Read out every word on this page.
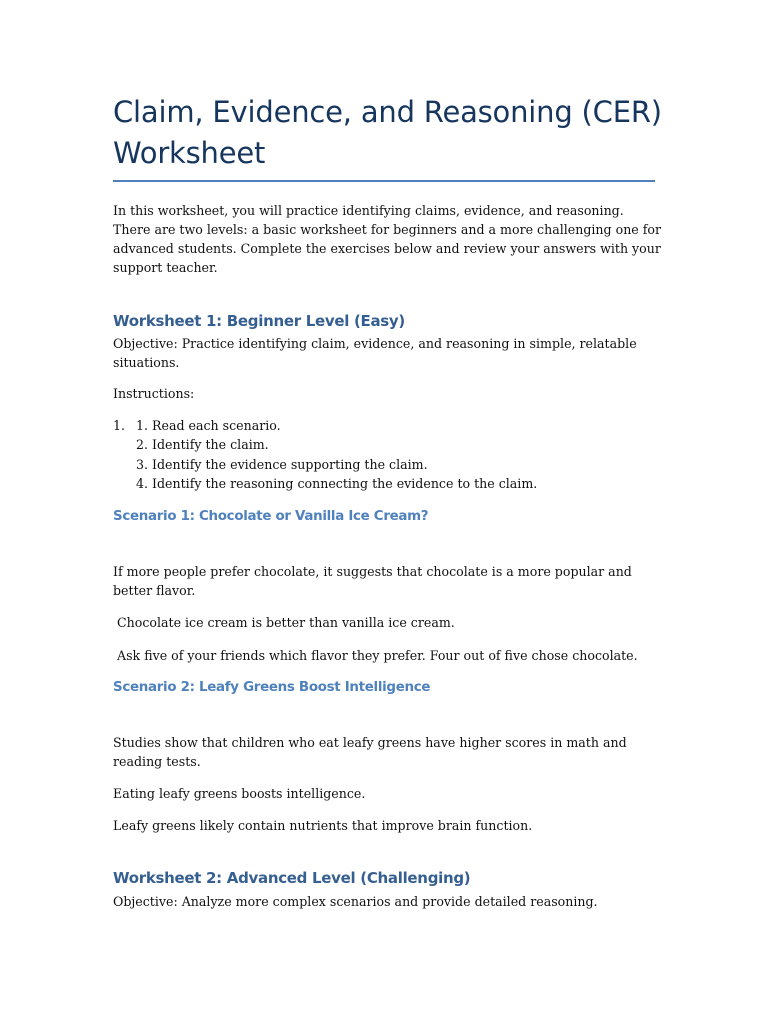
Claim, Evidence, and Reasoning (CER) Worksheet

In this worksheet, you will practice identifying claims, evidence, and reasoning. There are two levels: a basic worksheet for beginners and a more challenging one for advanced students. Complete the exercises below and review your answers with your support teacher.

Worksheet 1: Beginner Level (Easy)

Objective: Practice identifying claim, evidence, and reasoning in simple, relatable situations.

Instructions:

1. 1. Read each scenario.
2. Identify the claim.
3. Identify the evidence supporting the claim.
4. Identify the reasoning connecting the evidence to the claim.
Scenario 1: Chocolate or Vanilla Ice Cream?

If more people prefer chocolate, it suggests that chocolate is a more popular and better flavor.

Chocolate ice cream is better than vanilla ice cream.

Ask five of your friends which flavor they prefer. Four out of five chose chocolate.

Scenario 2: Leafy Greens Boost Intelligence

Studies show that children who eat leafy greens have higher scores in math and reading tests.

Eating leafy greens boosts intelligence.

Leafy greens likely contain nutrients that improve brain function.

Worksheet 2: Advanced Level (Challenging)

Objective: Analyze more complex scenarios and provide detailed reasoning.
